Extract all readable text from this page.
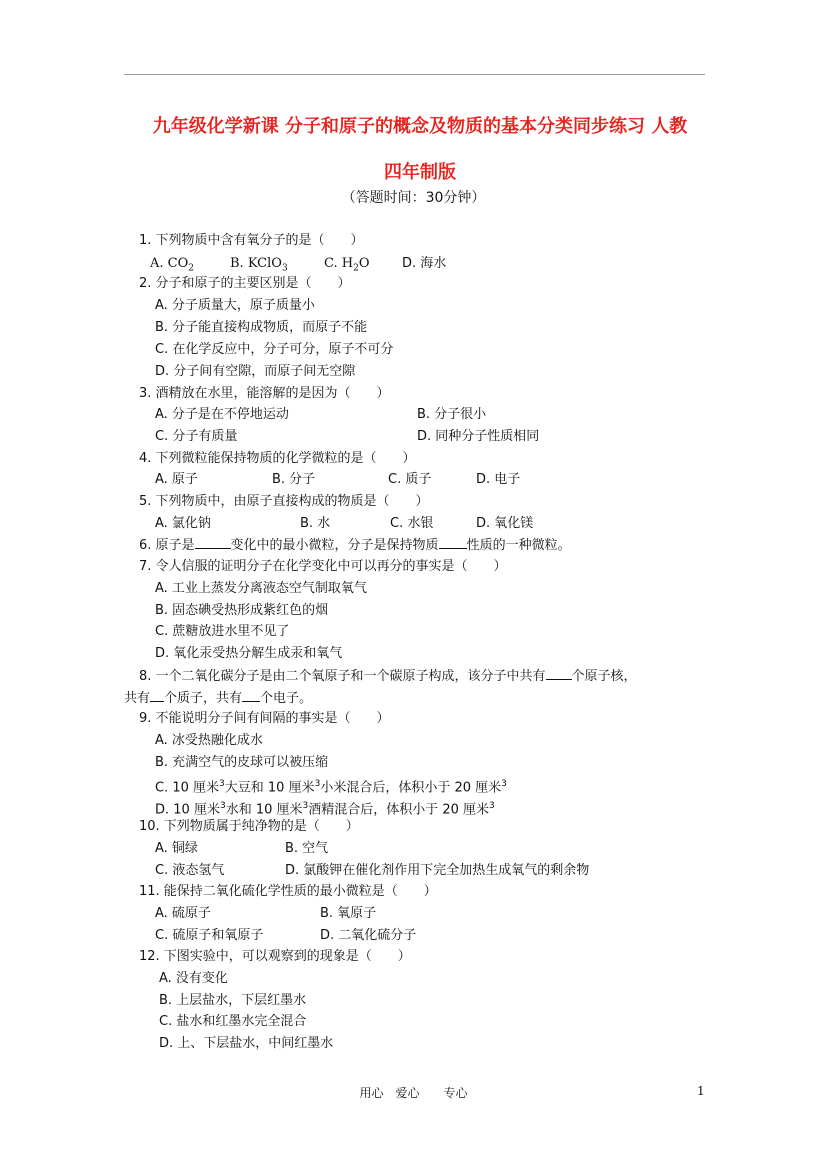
九年级化学新课 分子和原子的概念及物质的基本分类同步练习 人教
四年制版
（答题时间：30分钟）
1. 下列物质中含有氧分子的是（　　）
A. $CO_2$	B. KClO$_3$	C. $H_2O$	D. 海水
2. 分子和原子的主要区别是（　　）
A. 分子质量大，原子质量小
B. 分子能直接构成物质，而原子不能
C. 在化学反应中，分子可分，原子不可分
D. 分子间有空隙，而原子间无空隙
3. 酒精放在水里，能溶解的是因为（　　）
A. 分子是在不停地运动	B. 分子很小
C. 分子有质量	D. 同种分子性质相同
4. 下列微粒能保持物质的化学微粒的是（　　）
A. 原子	B. 分子	C. 质子	D. 电子
5. 下列物质中，由原子直接构成的物质是（　　）
A. 氯化钠	B. 水	C. 水银	D. 氧化镁
6. 原子是	变化中的最小微粒，分子是保持物质 性质的一种微粒。
7. 令人信服的证明分子在化学变化中可以再分的事实是（　　）
A. 工业上蒸发分离液态空气制取氧气
B. 固态碘受热形成紫红色的烟
C. 蔗糖放进水里不见了
D. 氧化汞受热分解生成汞和氧气
8. 一个二氧化碳分子是由二个氧原子和一个碳原子构成，该分子中共有 个原子核，
共有 个质子，共有 个电子。
9. 不能说明分子间有间隔的事实是（　　）
A. 冰受热融化成水
B. 充满空气的皮球可以被压缩
C. 10 厘米$^3$大豆和 10 厘米$^3$小米混合后，体积小于 20 厘米$^3$
D. 10 厘米$^3$水和 10 厘米$^3$酒精混合后，体积小于 20 厘米$^3$
10. 下列物质属于纯净物的是（　　）
A. 铜绿	B. 空气
C. 液态氢气	D. 氯酸钾在催化剂作用下完全加热生成氧气的剩余物
11. 能保持二氧化硫化学性质的最小微粒是（　　）
A. 硫原子	B. 氧原子
C. 硫原子和氧原子	D. 二氧化硫分子
12. 下图实验中，可以观察到的现象是（　　）
A. 没有变化
B. 上层盐水，下层红墨水
C. 盐水和红墨水完全混合
D. 上、下层盐水，中间红墨水
用心　爱心　　专心	1
